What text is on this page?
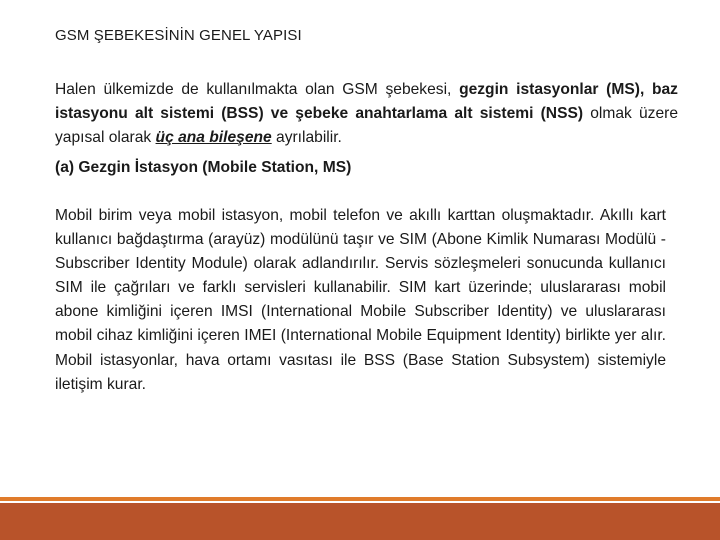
GSM ŞEBEKESİNİN GENEL YAPISI
Halen ülkemizde de kullanılmakta olan GSM şebekesi, gezgin istasyonlar (MS), baz istasyonu alt sistemi (BSS) ve şebeke anahtarlama alt sistemi (NSS) olmak üzere yapısal olarak üç ana bileşene ayrılabilir.
(a) Gezgin İstasyon (Mobile Station, MS)
Mobil birim veya mobil istasyon, mobil telefon ve akıllı karttan oluşmaktadır. Akıllı kart kullanıcı bağdaştırma (arayüz) modülünü taşır ve SIM (Abone Kimlik Numarası Modülü - Subscriber Identity Module) olarak adlandırılır. Servis sözleşmeleri sonucunda kullanıcı SIM ile çağrıları ve farklı servisleri kullanabilir. SIM kart üzerinde; uluslararası mobil abone kimliğini içeren IMSI (International Mobile Subscriber Identity) ve uluslararası mobil cihaz kimliğini içeren IMEI (International Mobile Equipment Identity) birlikte yer alır. Mobil istasyonlar, hava ortamı vasıtası ile BSS (Base Station Subsystem) sistemiyle iletişim kurar.
